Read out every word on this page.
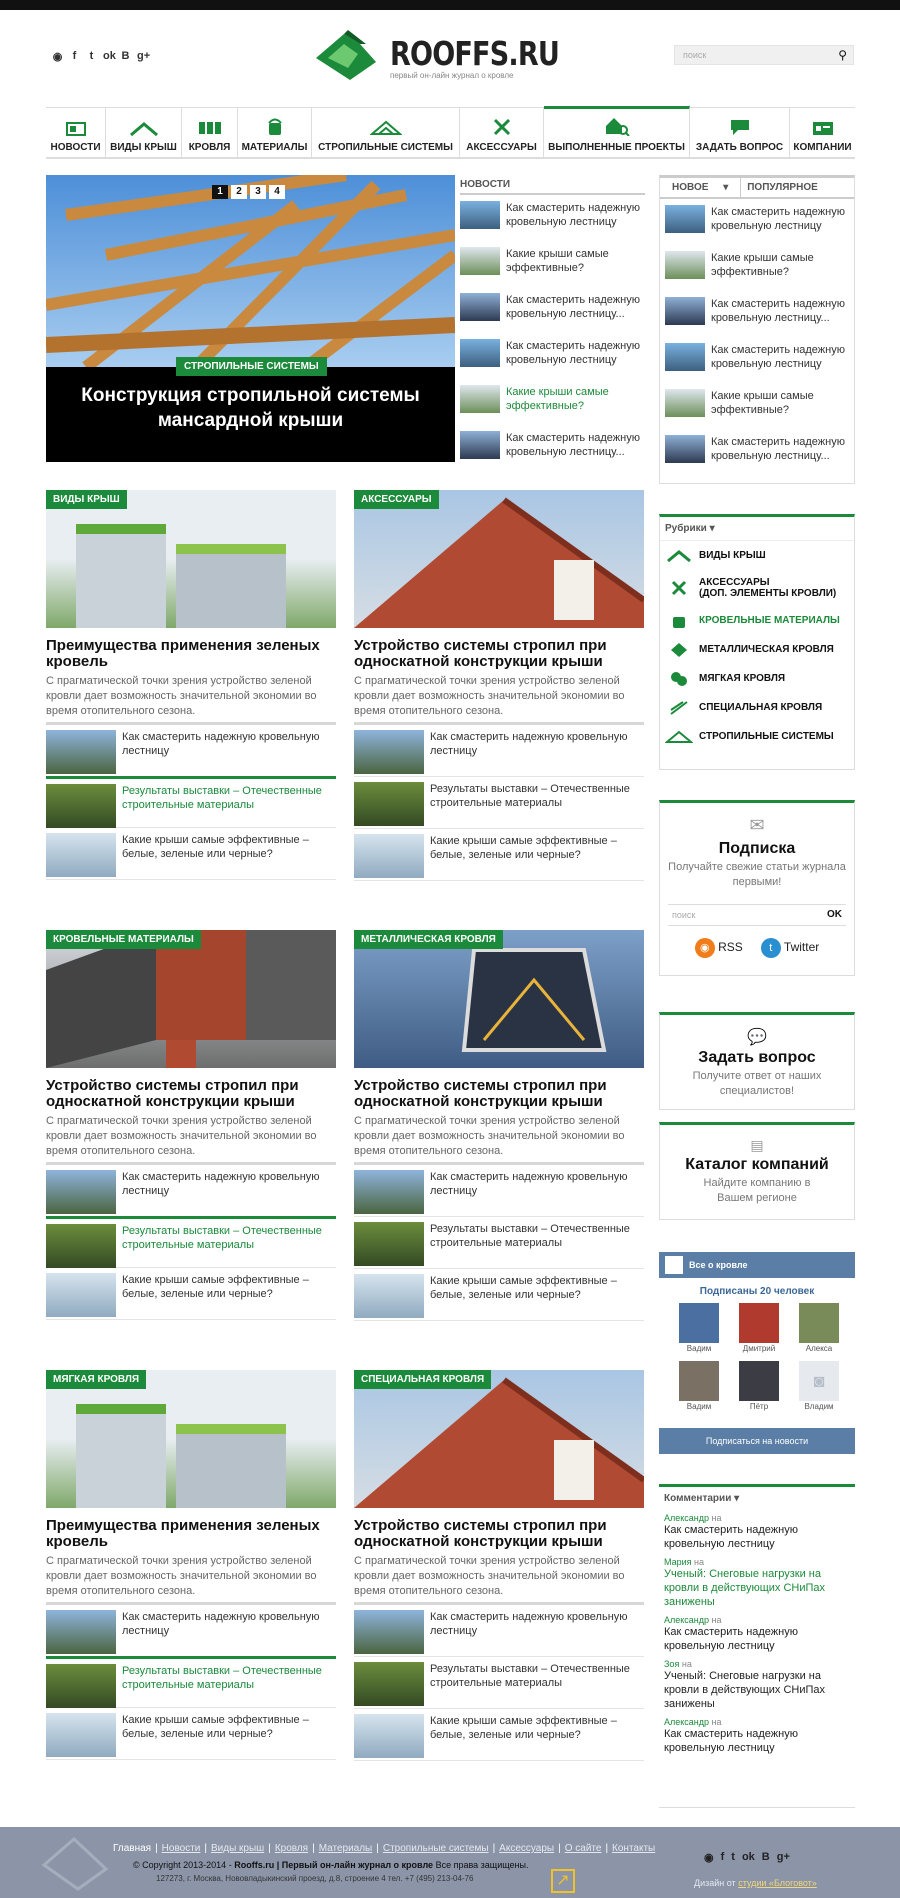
◉ f	t ok B g+	ROOFFS.RU
первый он-лайн журнал о кровле
поиск	⚲
НОВОСТИ ВИДЫ КРЫШ КРОВЛЯ МАТЕРИАЛЫ СТРОПИЛЬНЫЕ СИСТЕМЫ АКСЕССУАРЫ ВЫПОЛНЕННЫЕ ПРОЕКТЫ ЗАДАТЬ ВОПРОС КОМПАНИИ
1	2	3	4
СТРОПИЛЬНЫЕ СИСТЕМЫ
Конструкция стропильной системы мансардной крыши
НОВОСТИ
Как смастерить надежную кровельную лестницу
Какие крыши самые эффективные?
Как смастерить надежную кровельную лестницу...
Как смастерить надежную кровельную лестницу
Какие крыши самые эффективные?
Как смастерить надежную кровельную лестницу...
НОВОЕ ▾	ПОПУЛЯРНОЕ
Как смастерить надежную кровельную лестницу
Какие крыши самые эффективные?
Как смастерить надежную кровельную лестницу...
Как смастерить надежную кровельную лестницу
Какие крыши самые эффективные?
Как смастерить надежную кровельную лестницу...
ВИДЫ КРЫШ
Преимущества применения зеленых кровель

С прагматической точки зрения устройство зеленой кровли дает возможность значительной экономии во время отопительного сезона.

Как смастерить надежную кровельную лестницу
Результаты выставки – Отечественные строительные материалы
Какие крыши самые эффективные – белые, зеленые или черные?
АКСЕССУАРЫ
Устройство системы стропил при односкатной конструкции крыши

С прагматической точки зрения устройство зеленой кровли дает возможность значительной экономии во время отопительного сезона.

Как смастерить надежную кровельную лестницу
Результаты выставки – Отечественные строительные материалы
Какие крыши самые эффективные – белые, зеленые или черные?
КРОВЕЛЬНЫЕ МАТЕРИАЛЫ
Устройство системы стропил при односкатной конструкции крыши

С прагматической точки зрения устройство зеленой кровли дает возможность значительной экономии во время отопительного сезона.

Как смастерить надежную кровельную лестницу
Результаты выставки – Отечественные строительные материалы
Какие крыши самые эффективные – белые, зеленые или черные?
МЕТАЛЛИЧЕСКАЯ КРОВЛЯ
Устройство системы стропил при односкатной конструкции крыши

С прагматической точки зрения устройство зеленой кровли дает возможность значительной экономии во время отопительного сезона.

Как смастерить надежную кровельную лестницу
Результаты выставки – Отечественные строительные материалы
Какие крыши самые эффективные – белые, зеленые или черные?
МЯГКАЯ КРОВЛЯ
Преимущества применения зеленых кровель

С прагматической точки зрения устройство зеленой кровли дает возможность значительной экономии во время отопительного сезона.

Как смастерить надежную кровельную лестницу
Результаты выставки – Отечественные строительные материалы
Какие крыши самые эффективные – белые, зеленые или черные?
СПЕЦИАЛЬНАЯ КРОВЛЯ
Устройство системы стропил при односкатной конструкции крыши

С прагматической точки зрения устройство зеленой кровли дает возможность значительной экономии во время отопительного сезона.

Как смастерить надежную кровельную лестницу
Результаты выставки – Отечественные строительные материалы
Какие крыши самые эффективные – белые, зеленые или черные?
Рубрики ▾
ВИДЫ КРЫШ
АКСЕССУАРЫ
(ДОП. ЭЛЕМЕНТЫ КРОВЛИ)
КРОВЕЛЬНЫЕ МАТЕРИАЛЫ
МЕТАЛЛИЧЕСКАЯ КРОВЛЯ
МЯГКАЯ КРОВЛЯ
СПЕЦИАЛЬНАЯ КРОВЛЯ
СТРОПИЛЬНЫЕ СИСТЕМЫ
✉
Подписка
Получайте свежие статьи журнала первыми!
поиск	OK
◉ RSS	t Twitter
💬
Задать вопрос
Получите ответ от наших специалистов!
▤
Каталог компаний
Найдите компанию в Вашем регионе
Все о кровле
Подписаны 20 человек
Вадим	Дмитрий	Алекса
Вадим	Пётр
◙
Владим
Подписаться на новости
Комментарии ▾
Александр на
Как смастерить надежную кровельную лестницу
Мария на
Ученый: Снеговые нагрузки на кровли в действующих СНиПах занижены
Александр на
Как смастерить надежную кровельную лестницу
Зоя на
Ученый: Снеговые нагрузки на кровли в действующих СНиПах занижены
Александр на
Как смастерить надежную кровельную лестницу
Главная | Новости | Виды крыш | Кровля | Материалы | Стропильные системы | Аксессуары | О сайте | Контакты
© Copyright 2013-2014 - Rooffs.ru | Первый он-лайн журнал о кровле Все права защищены.
127273, г. Москва, Нововладыкинский проезд, д.8, строение 4 тел. +7 (495) 213-04-76	↗
◉ f t ok B g+
Дизайн от студии «Блоговот»
